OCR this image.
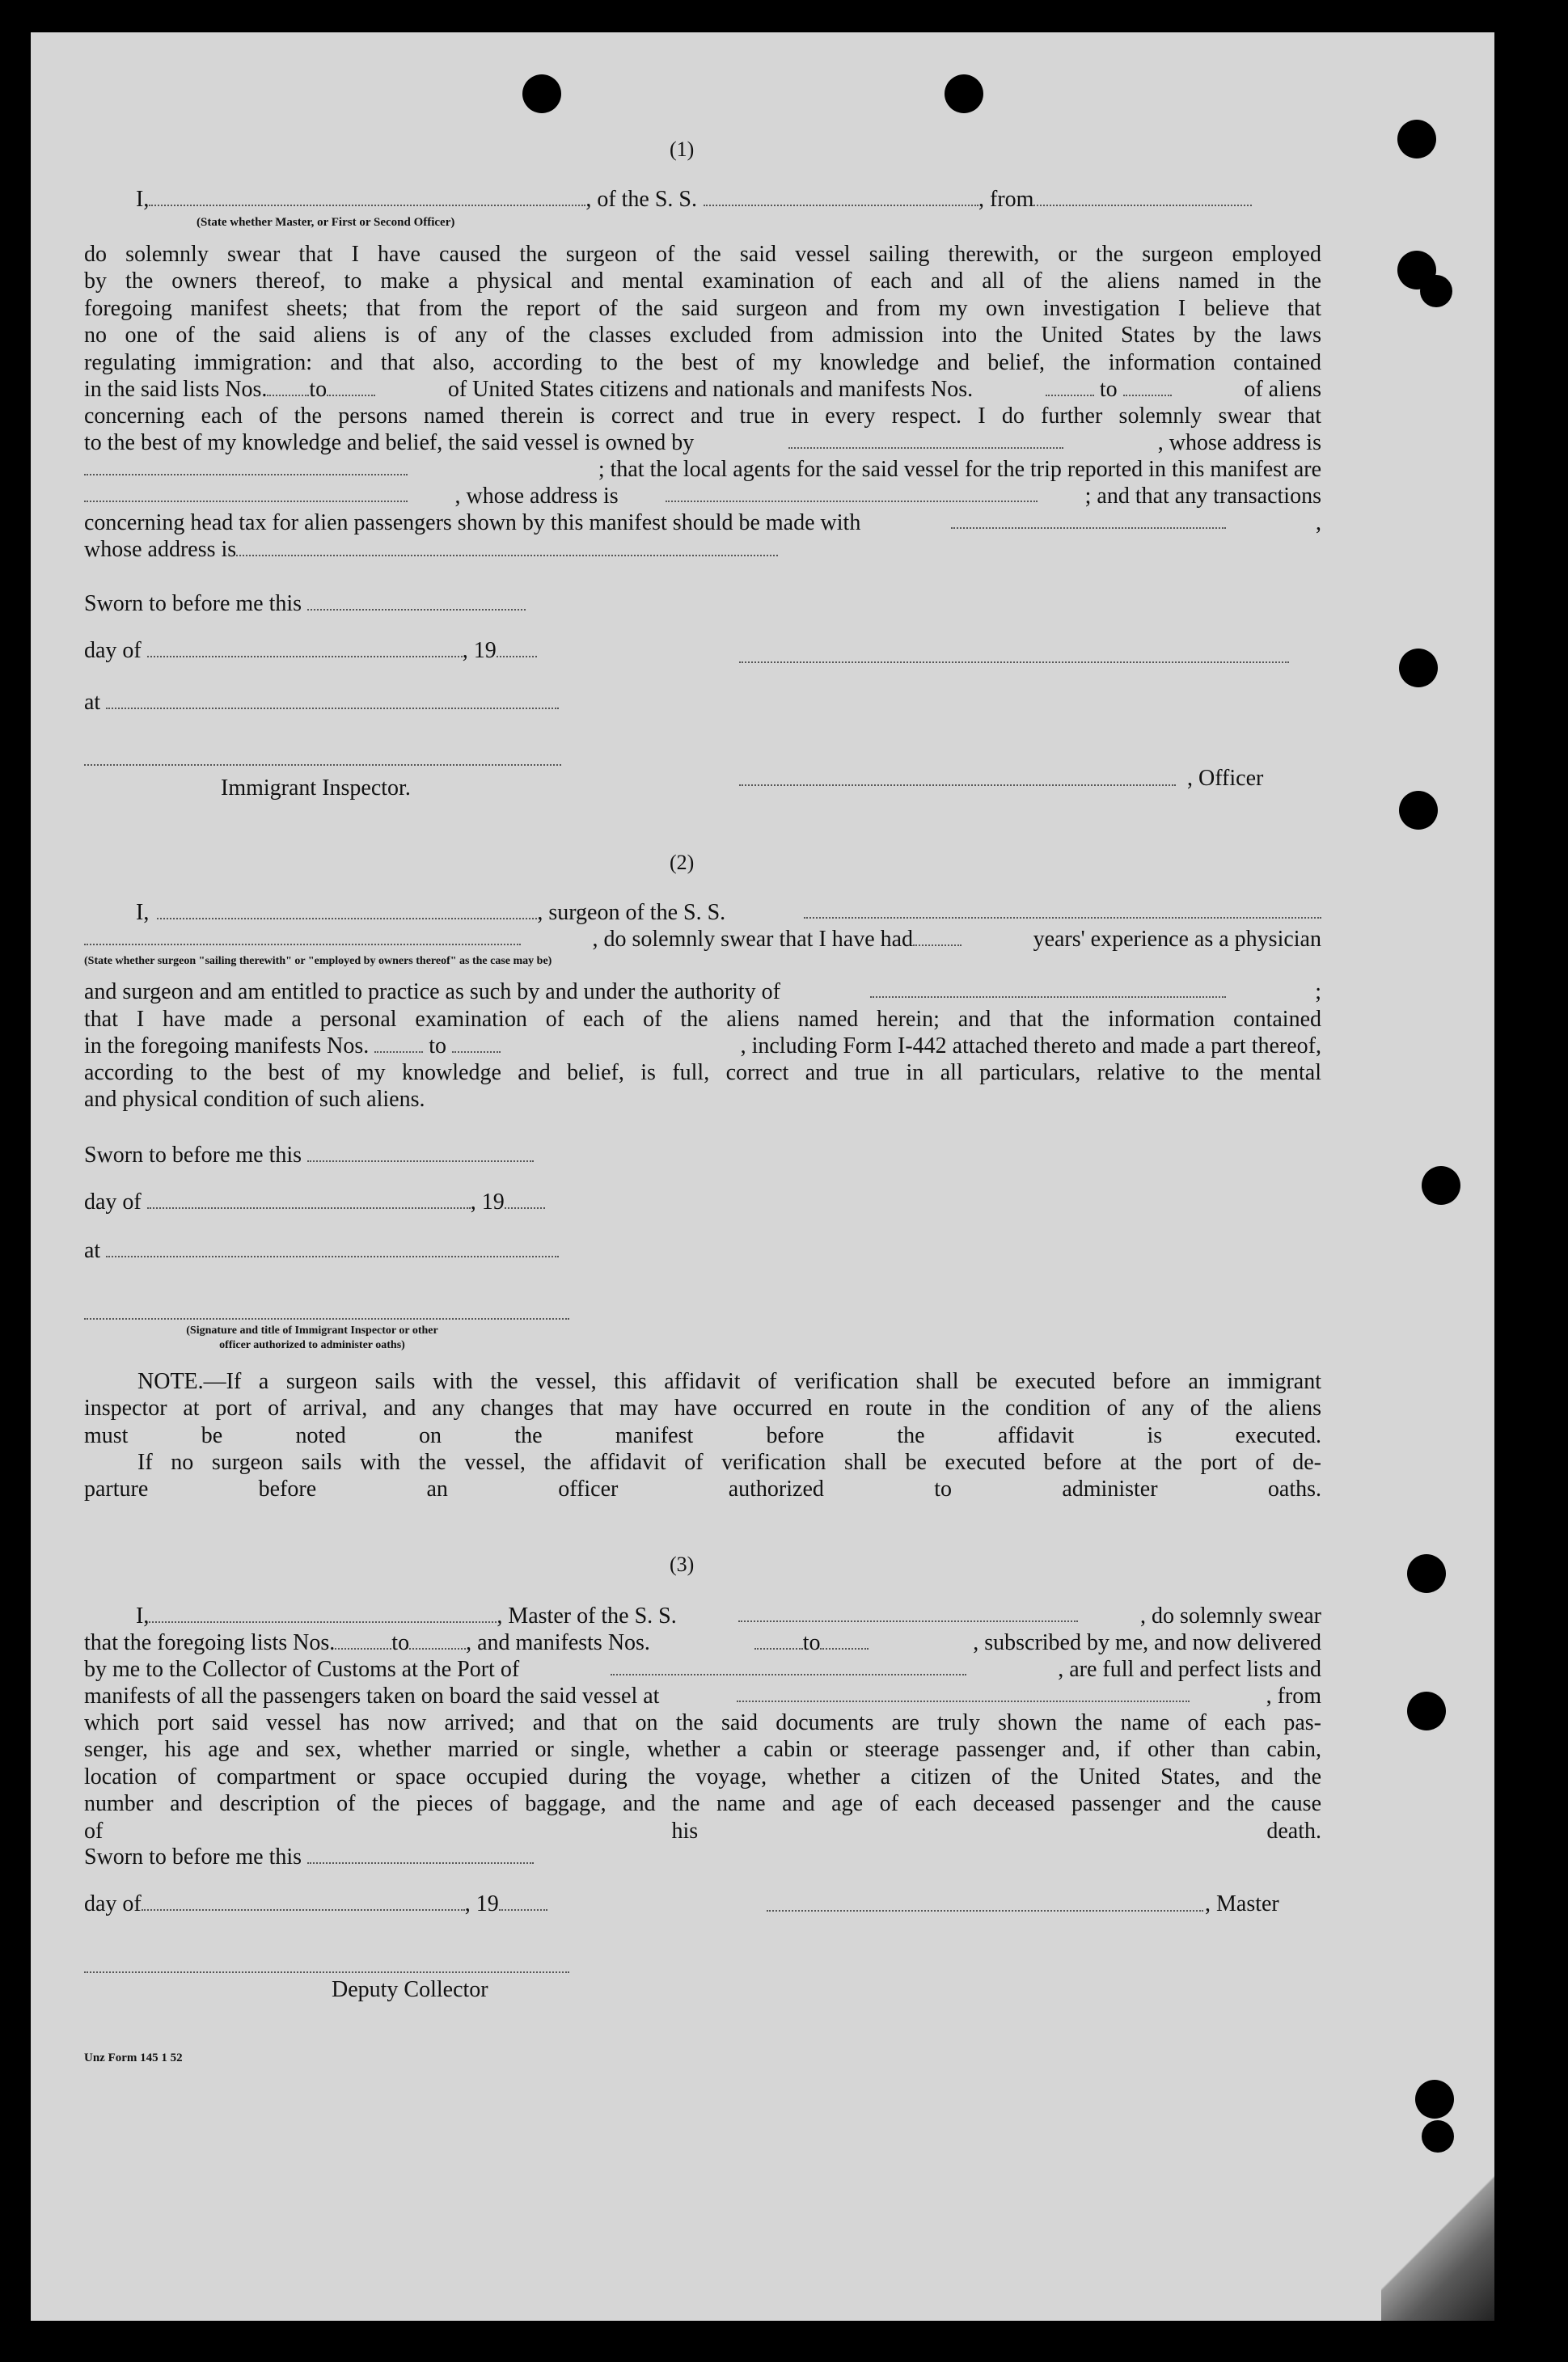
(1)
I,	, of the S. S.	, from
(State whether Master, or First or Second Officer)
do solemnly swear that I have caused the surgeon of the said vessel sailing therewith, or the surgeon employed
by the owners thereof, to make a physical and mental examination of each and all of the aliens named in the
foregoing manifest sheets; that from the report of the said surgeon and from my own investigation I believe that
no one of the said aliens is of any of the classes excluded from admission into the United States by the laws
regulating immigration: and that also, according to the best of my knowledge and belief, the information contained
in the said lists Nos. to	of United States citizens and nationals and manifests Nos.	to	of aliens
concerning each of the persons named therein is correct and true in every respect. I do further solemnly swear that
to the best of my knowledge and belief, the said vessel is owned by	, whose address is
; that the local agents for the said vessel for the trip reported in this manifest are
, whose address is	; and that any transactions
concerning head tax for alien passengers shown by this manifest should be made with	,
whose address is
Sworn to before me this
day of	, 19
at
Immigrant Inspector.	, Officer
(2)
I,	, surgeon of the S. S.
, do solemnly swear that I have had	years' experience as a physician
(State whether surgeon "sailing therewith" or "employed by owners thereof" as the case may be)
and surgeon and am entitled to practice as such by and under the authority of	;
that I have made a personal examination of each of the aliens named herein; and that the information contained
in the foregoing manifests Nos.	to	, including Form I-442 attached thereto and made a part thereof,
according to the best of my knowledge and belief, is full, correct and true in all particulars, relative to the mental
and physical condition of such aliens.
Sworn to before me this
day of	, 19
at
(Signature and title of Immigrant Inspector or other
officer authorized to administer oaths)
NOTE.—If a surgeon sails with the vessel, this affidavit of verification shall be executed before an immigrant
inspector at port of arrival, and any changes that may have occurred en route in the condition of any of the aliens
must be noted on the manifest before the affidavit is executed.
If no surgeon sails with the vessel, the affidavit of verification shall be executed before at the port of de-
parture before an officer authorized to administer oaths.
(3)
I,	, Master of the S. S.	, do solemnly swear
that the foregoing lists Nos.	to	, and manifests Nos.	to	, subscribed by me, and now delivered
by me to the Collector of Customs at the Port of	, are full and perfect lists and
manifests of all the passengers taken on board the said vessel at	, from
which port said vessel has now arrived; and that on the said documents are truly shown the name of each pas-
senger, his age and sex, whether married or single, whether a cabin or steerage passenger and, if other than cabin,
location of compartment or space occupied during the voyage, whether a citizen of the United States, and the
number and description of the pieces of baggage, and the name and age of each deceased passenger and the cause
of his death.
Sworn to before me this
day of	, 19	, Master
Deputy Collector
Unz Form 145 1 52
